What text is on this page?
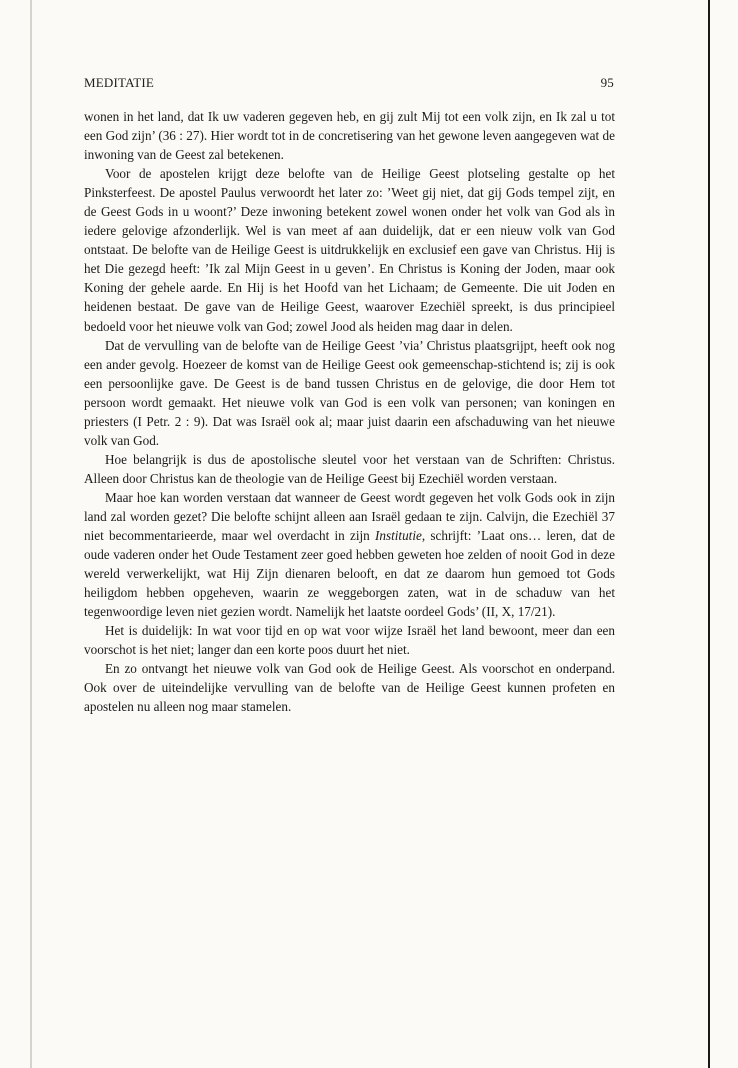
MEDITATIE	95

wonen in het land, dat Ik uw vaderen gegeven heb, en gij zult Mij tot een volk zijn, en Ik zal u tot een God zijn’ (36 : 27). Hier wordt tot in de concretisering van het gewone leven aangegeven wat de inwoning van de Geest zal betekenen.

Voor de apostelen krijgt deze belofte van de Heilige Geest plotseling gestalte op het Pinksterfeest. De apostel Paulus verwoordt het later zo: ’Weet gij niet, dat gij Gods tempel zijt, en de Geest Gods in u woont?’ Deze inwoning betekent zowel wonen onder het volk van God als ìn iedere gelovige afzonderlijk. Wel is van meet af aan duidelijk, dat er een nieuw volk van God ontstaat. De belofte van de Heilige Geest is uitdrukkelijk en exclusief een gave van Christus. Hij is het Die gezegd heeft: ’Ik zal Mijn Geest in u geven’. En Christus is Koning der Joden, maar ook Koning der gehele aarde. En Hij is het Hoofd van het Lichaam; de Gemeente. Die uit Joden en heidenen bestaat. De gave van de Heilige Geest, waarover Ezechiël spreekt, is dus principieel bedoeld voor het nieuwe volk van God; zowel Jood als heiden mag daar in delen.

Dat de vervulling van de belofte van de Heilige Geest ’via’ Christus plaatsgrijpt, heeft ook nog een ander gevolg. Hoezeer de komst van de Heilige Geest ook gemeenschap-stichtend is; zij is ook een persoonlijke gave. De Geest is de band tussen Christus en de gelovige, die door Hem tot persoon wordt gemaakt. Het nieuwe volk van God is een volk van personen; van koningen en priesters (I Petr. 2 : 9). Dat was Israël ook al; maar juist daarin een afschaduwing van het nieuwe volk van God.

Hoe belangrijk is dus de apostolische sleutel voor het verstaan van de Schriften: Christus. Alleen door Christus kan de theologie van de Heilige Geest bij Ezechiël worden verstaan.

Maar hoe kan worden verstaan dat wanneer de Geest wordt gegeven het volk Gods ook in zijn land zal worden gezet? Die belofte schijnt alleen aan Israël gedaan te zijn. Calvijn, die Ezechiël 37 niet becommentarieerde, maar wel overdacht in zijn Institutie, schrijft: ’Laat ons… leren, dat de oude vaderen onder het Oude Testament zeer goed hebben geweten hoe zelden of nooit God in deze wereld verwerkelijkt, wat Hij Zijn dienaren belooft, en dat ze daarom hun gemoed tot Gods heiligdom hebben opgeheven, waarin ze weggeborgen zaten, wat in de schaduw van het tegenwoordige leven niet gezien wordt. Namelijk het laatste oordeel Gods’ (II, X, 17/21).

Het is duidelijk: In wat voor tijd en op wat voor wijze Israël het land bewoont, meer dan een voorschot is het niet; langer dan een korte poos duurt het niet.

En zo ontvangt het nieuwe volk van God ook de Heilige Geest. Als voorschot en onderpand. Ook over de uiteindelijke vervulling van de belofte van de Heilige Geest kunnen profeten en apostelen nu alleen nog maar stamelen.
